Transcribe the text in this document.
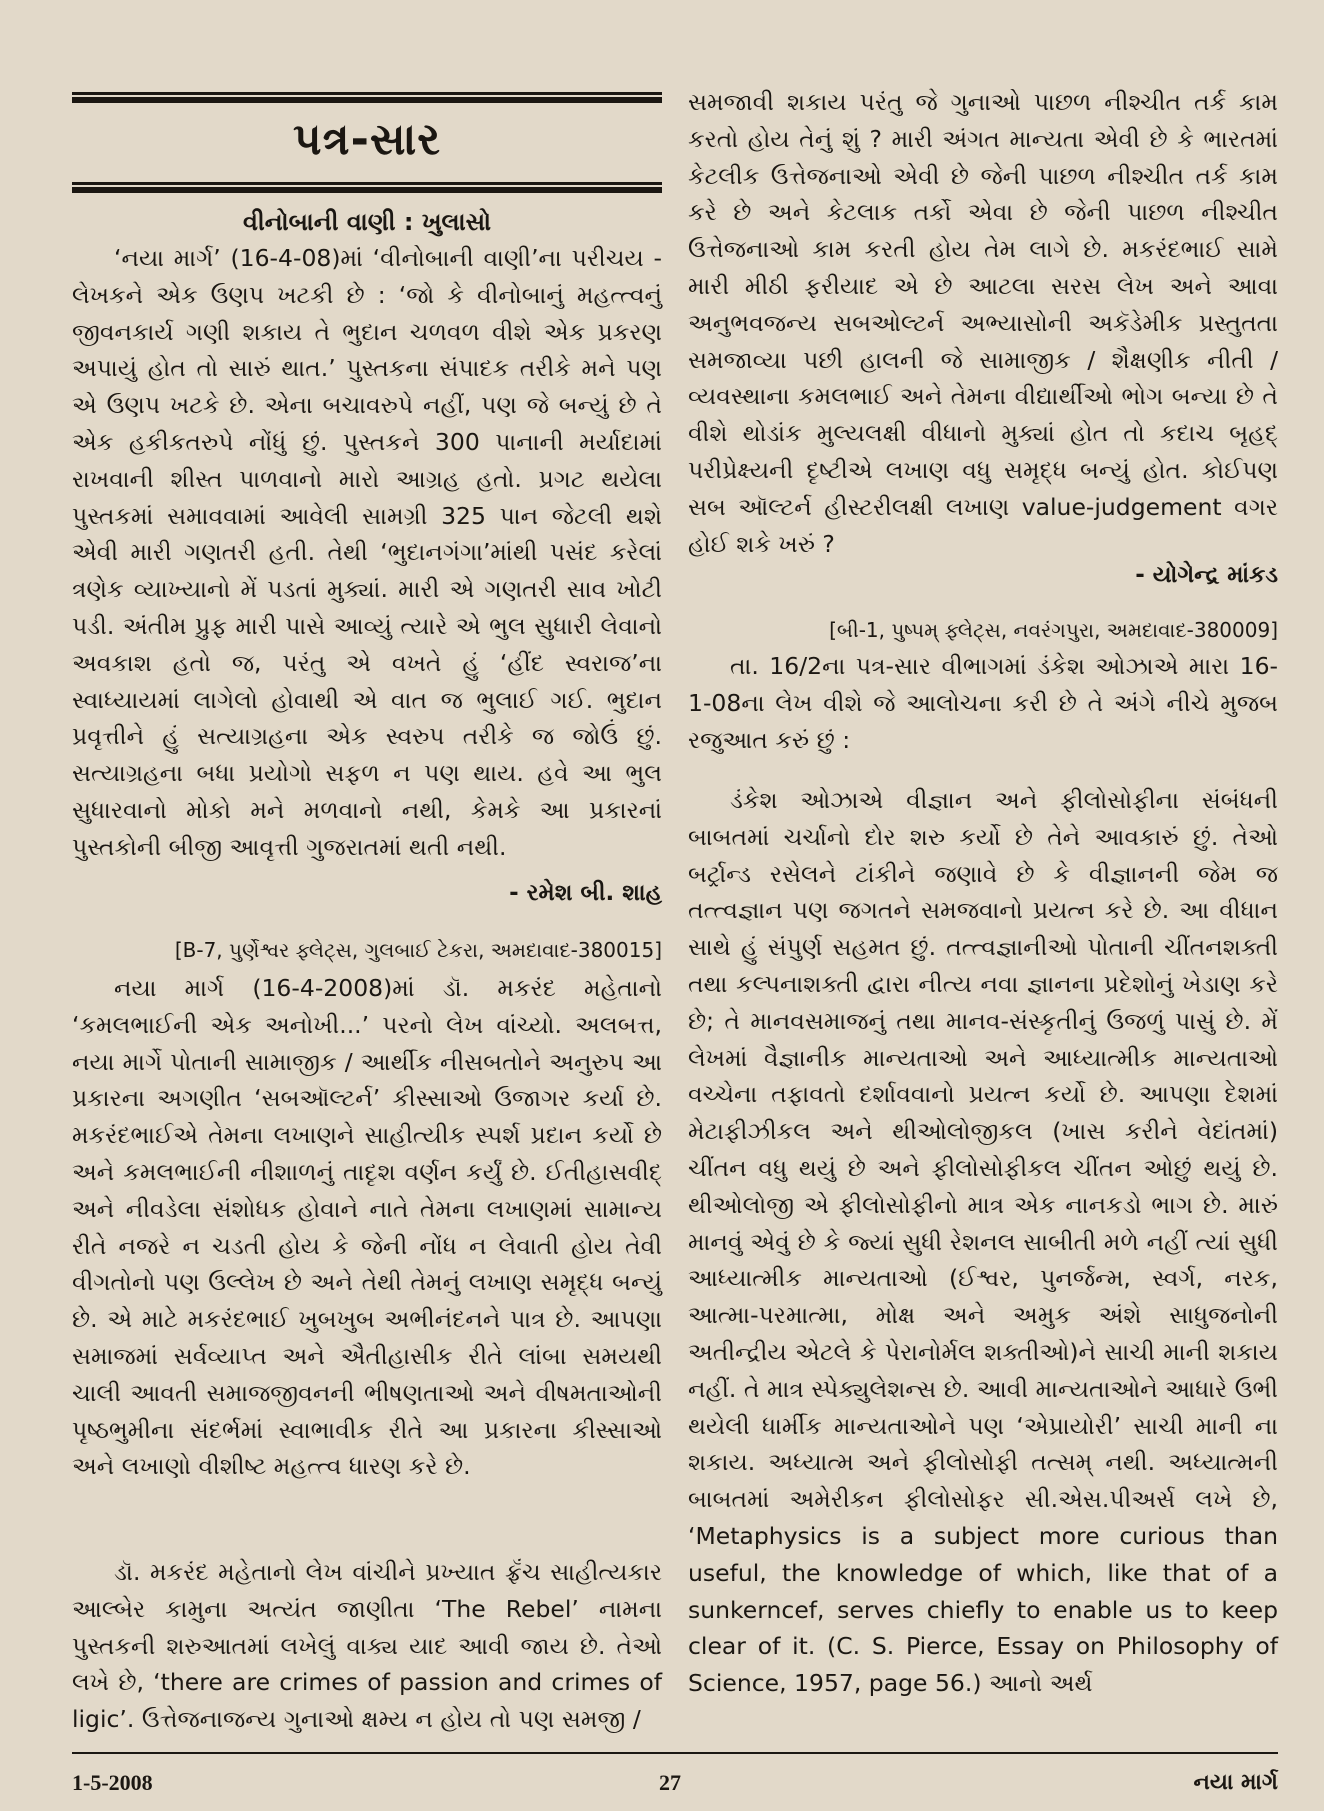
પત્ર-સાર
વીનોબાની વાણી : ખુલાસો

‘નયા માર્ગ’ (16-4-08)માં ‘વીનોબાની વાણી’ના પરીચય - લેખકને એક ઉણપ ખટકી છે : ‘જો કે વીનોબાનું મહત્ત્વનું જીવનકાર્ય ગણી શકાય તે ભુદાન ચળવળ વીશે એક પ્રકરણ અપાયું હોત તો સારું થાત.’ પુસ્તકના સંપાદક તરીકે મને પણ એ ઉણપ ખટકે છે. એના બચાવરુપે નહીં, પણ જે બન્યું છે તે એક હકીકતરુપે નોંધું છું. પુસ્તકને 300 પાનાની મર્યાદામાં રાખવાની શીસ્ત પાળવાનો મારો આગ્રહ હતો. પ્રગટ થયેલા પુસ્તકમાં સમાવવામાં આવેલી સામગ્રી 325 પાન જેટલી થશે એવી મારી ગણતરી હતી. તેથી ‘ભુદાનગંગા’માંથી પસંદ કરેલાં ત્રણેક વ્યાખ્યાનો મેં પડતાં મુક્યાં. મારી એ ગણતરી સાવ ખોટી પડી. અંતીમ પ્રુફ મારી પાસે આવ્યું ત્યારે એ ભુલ સુધારી લેવાનો અવકાશ હતો જ, પરંતુ એ વખતે હું ‘હીંદ સ્વરાજ’ના સ્વાધ્યાયમાં લાગેલો હોવાથી એ વાત જ ભુલાઈ ગઈ. ભુદાન પ્રવૃત્તીને હું સત્યાગ્રહના એક સ્વરુપ તરીકે જ જોઉં છું. સત્યાગ્રહના બધા પ્રયોગો સફળ ન પણ થાય. હવે આ ભુલ સુધારવાનો મોકો મને મળવાનો નથી, કેમકે આ પ્રકારનાં પુસ્તકોની બીજી આવૃત્તી ગુજરાતમાં થતી નથી.

- રમેશ બી. શાહ
[B-7, પુર્ણેશ્વર ફ્લેટ્સ, ગુલબાઈ ટેકરા, અમદાવાદ-380015]

નયા માર્ગ (16-4-2008)માં ડૉ. મકરંદ મહેતાનો ‘કમલભાઈની એક અનોખી...’ પરનો લેખ વાંચ્યો. અલબત્ત, નયા માર્ગે પોતાની સામાજીક / આર્થીક નીસબતોને અનુરુપ આ પ્રકારના અગણીત ‘સબઑલ્ટર્ન’ કીસ્સાઓ ઉજાગર કર્યા છે. મકરંદભાઈએ તેમના લખાણને સાહીત્યીક સ્પર્શ પ્રદાન કર્યો છે અને કમલભાઈની નીશાળનું તાદૃશ વર્ણન કર્યું છે. ઈતીહાસવીદ્ અને નીવડેલા સંશોધક હોવાને નાતે તેમના લખાણમાં સામાન્ય રીતે નજરે ન ચડતી હોય કે જેની નોંધ ન લેવાતી હોય તેવી વીગતોનો પણ ઉલ્લેખ છે અને તેથી તેમનું લખાણ સમૃદ્ધ બન્યું છે. એ માટે મકરંદભાઈ ખુબખુબ અભીનંદનને પાત્ર છે. આપણા સમાજમાં સર્વવ્યાપ્ત અને ઐતીહાસીક રીતે લાંબા સમયથી ચાલી આવતી સમાજજીવનની ભીષણતાઓ અને વીષમતાઓની પૃષ્ઠભુમીના સંદર્ભમાં સ્વાભાવીક રીતે આ પ્રકારના કીસ્સાઓ અને લખાણો વીશીષ્ટ મહત્ત્વ ધારણ કરે છે.

ડૉ. મકરંદ મહેતાનો લેખ વાંચીને પ્રખ્યાત ફ્રૅંચ સાહીત્યકાર આલ્બેર કામુના અત્યંત જાણીતા ‘The Rebel’ નામના પુસ્તકની શરુઆતમાં લખેલું વાક્ય યાદ આવી જાય છે. તેઓ લખે છે, ‘there are crimes of passion and crimes of ligic’. ઉત્તેજનાજન્ય ગુનાઓ ક્ષમ્ય ન હોય તો પણ સમજી /

સમજાવી શકાય પરંતુ જે ગુનાઓ પાછળ નીશ્ચીત તર્ક કામ કરતો હોય તેનું શું ? મારી અંગત માન્યતા એવી છે કે ભારતમાં કેટલીક ઉત્તેજનાઓ એવી છે જેની પાછળ નીશ્ચીત તર્ક કામ કરે છે અને કેટલાક તર્કો એવા છે જેની પાછળ નીશ્ચીત ઉત્તેજનાઓ કામ કરતી હોય તેમ લાગે છે. મકરંદભાઈ સામે મારી મીઠી ફરીયાદ એ છે આટલા સરસ લેખ અને આવા અનુભવજન્ય સબઓલ્ટર્ન અભ્યાસોની અકૅડેમીક પ્રસ્તુતતા સમજાવ્યા પછી હાલની જે સામાજીક / શૈક્ષણીક નીતી / વ્યવસ્થાના કમલભાઈ અને તેમના વીદ્યાર્થીઓ ભોગ બન્યા છે તે વીશે થોડાંક મુલ્યલક્ષી વીધાનો મુક્યાં હોત તો કદાચ બૃહદ્ પરીપ્રેક્ષ્યની દૃષ્ટીએ લખાણ વધુ સમૃદ્ધ બન્યું હોત. કોઈપણ સબ ઑલ્ટર્ન હીસ્ટરીલક્ષી લખાણ value-judgement વગર હોઈ શકે ખરું ?

- યોગેન્દ્ર માંકડ
[બી-1, પુષ્પમ્ ફ્લેટ્સ, નવરંગપુરા, અમદાવાદ-380009]

તા. 16/2ના પત્ર-સાર વીભાગમાં ડંકેશ ઓઝાએ મારા 16-1-08ના લેખ વીશે જે આલોચના કરી છે તે અંગે નીચે મુજબ રજુઆત કરું છું :

ડંકેશ ઓઝાએ વીજ્ઞાન અને ફીલોસોફીના સંબંધની બાબતમાં ચર્ચાનો દોર શરુ કર્યો છે તેને આવકારું છું. તેઓ બર્ટ્રાન્ડ રસેલને ટાંકીને જણાવે છે કે વીજ્ઞાનની જેમ જ તત્ત્વજ્ઞાન પણ જગતને સમજવાનો પ્રયત્ન કરે છે. આ વીધાન સાથે હું સંપુર્ણ સહમત છું. તત્ત્વજ્ઞાનીઓ પોતાની ચીંતનશક્તી તથા કલ્પનાશક્તી દ્વારા નીત્ય નવા જ્ઞાનના પ્રદેશોનું ખેડાણ કરે છે; તે માનવસમાજનું તથા માનવ-સંસ્કૃતીનું ઉજળું પાસું છે. મેં લેખમાં વૈજ્ઞાનીક માન્યતાઓ અને આધ્યાત્મીક માન્યતાઓ વચ્ચેના તફાવતો દર્શાવવાનો પ્રયત્ન કર્યો છે. આપણા દેશમાં મેટાફીઝીકલ અને થીઓલોજીકલ (ખાસ કરીને વેદાંતમાં) ચીંતન વધુ થયું છે અને ફીલોસોફીકલ ચીંતન ઓછું થયું છે. થીઓલોજી એ ફીલોસોફીનો માત્ર એક નાનકડો ભાગ છે. મારું માનવું એવું છે કે જ્યાં સુધી રેશનલ સાબીતી મળે નહીં ત્યાં સુધી આધ્યાત્મીક માન્યતાઓ (ઈશ્વર, પુનર્જન્મ, સ્વર્ગ, નરક, આત્મા-પરમાત્મા, મોક્ષ અને અમુક અંશે સાધુજનોની અતીન્દ્રીય એટલે કે પેરાનોર્મલ શક્તીઓ)ને સાચી માની શકાય નહીં. તે માત્ર સ્પેક્યુલેશન્સ છે. આવી માન્યતાઓને આધારે ઉભી થયેલી ધાર્મીક માન્યતાઓને પણ ‘એપ્રાયોરી’ સાચી માની ના શકાય. અધ્યાત્મ અને ફીલોસોફી તત્સમ્ નથી. અધ્યાત્મની બાબતમાં અમેરીકન ફીલોસોફર સી.એસ.પીઅર્સ લખે છે, ‘Metaphysics is a subject more curious than useful, the knowledge of which, like that of a sunkerncef, serves chiefly to enable us to keep clear of it. (C. S. Pierce, Essay on Philosophy of Science, 1957, page 56.) આનો અર્થ

1-5-2008	27	નયા માર્ગ
